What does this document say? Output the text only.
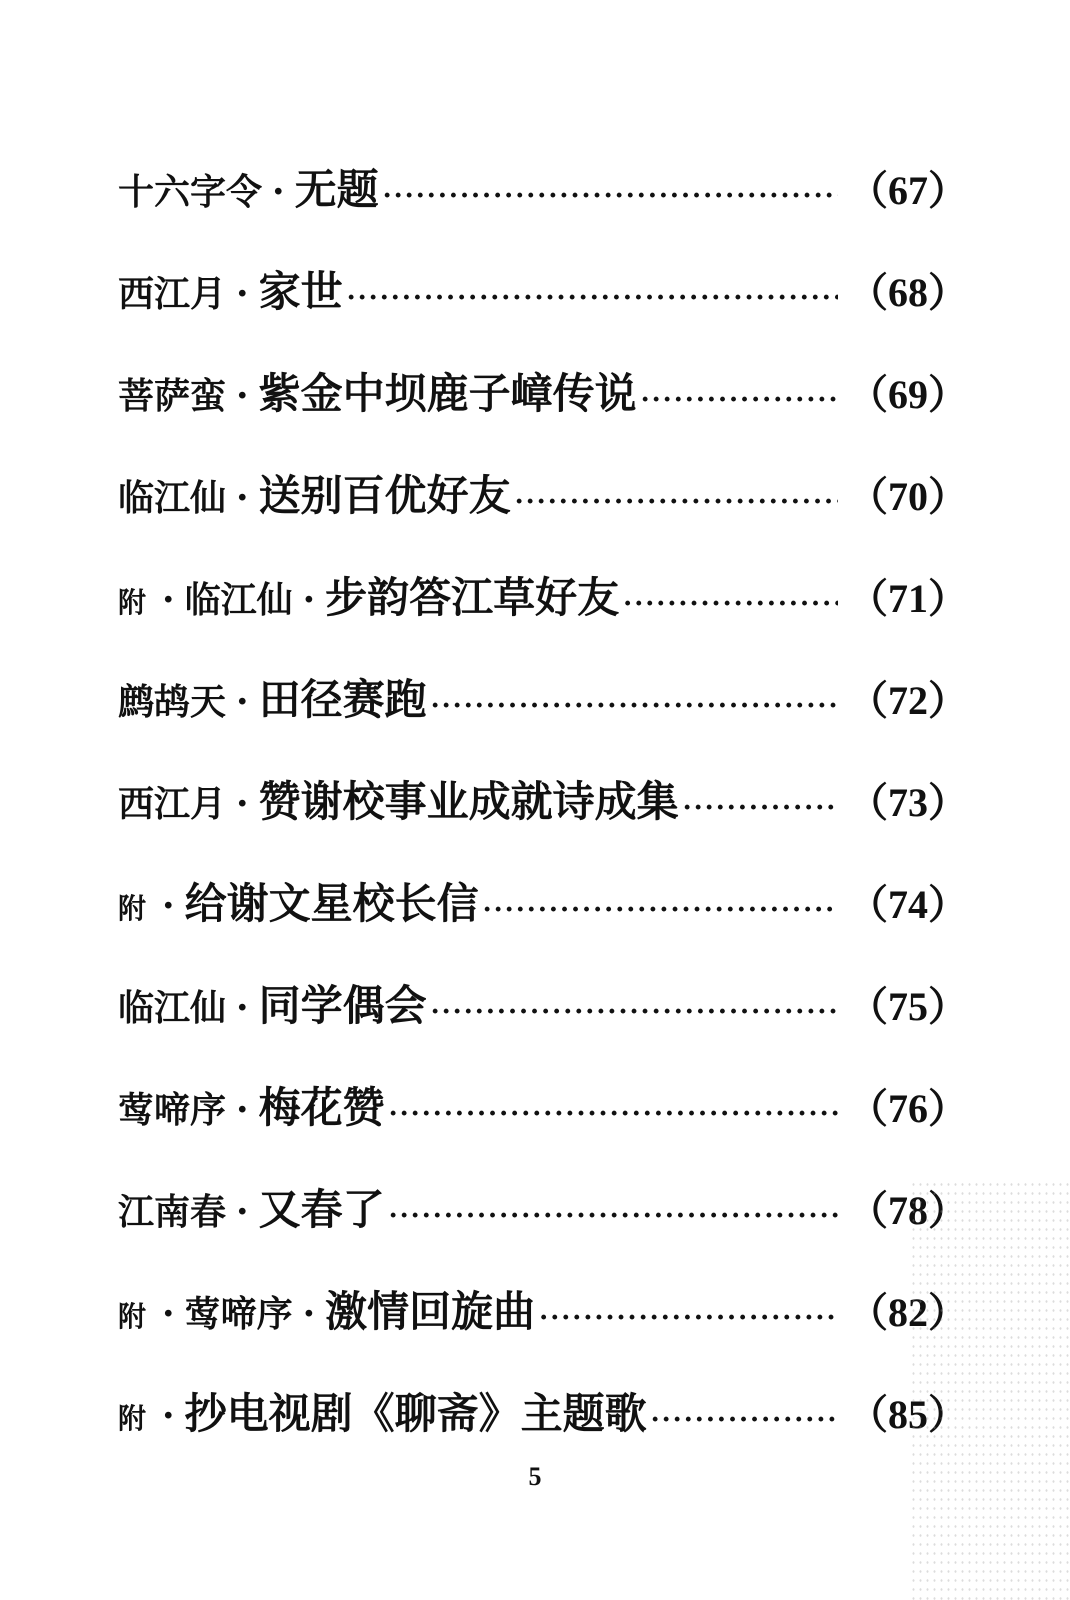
十六字令 · 无题 ·····	（67）
西江月 · 家世 ·····	（68）
菩萨蛮 · 紫金中坝鹿子嶂传说 ·····	（69）
临江仙 · 送别百优好友 ·····	（70）
附 · 临江仙 · 步韵答江草好友 ·····	（71）
鹧鸪天 · 田径赛跑 ·····	（72）
西江月 · 赞谢校事业成就诗成集 ·····	（73）
附 · 给谢文星校长信 ·····	（74）
临江仙 · 同学偶会 ·····	（75）
莺啼序 · 梅花赞 ·····	（76）
江南春 · 又春了 ·····	（78）
附 · 莺啼序 · 激情回旋曲 ·····	（82）
附 · 抄电视剧《聊斋》主题歌 ·····	（85）
5
